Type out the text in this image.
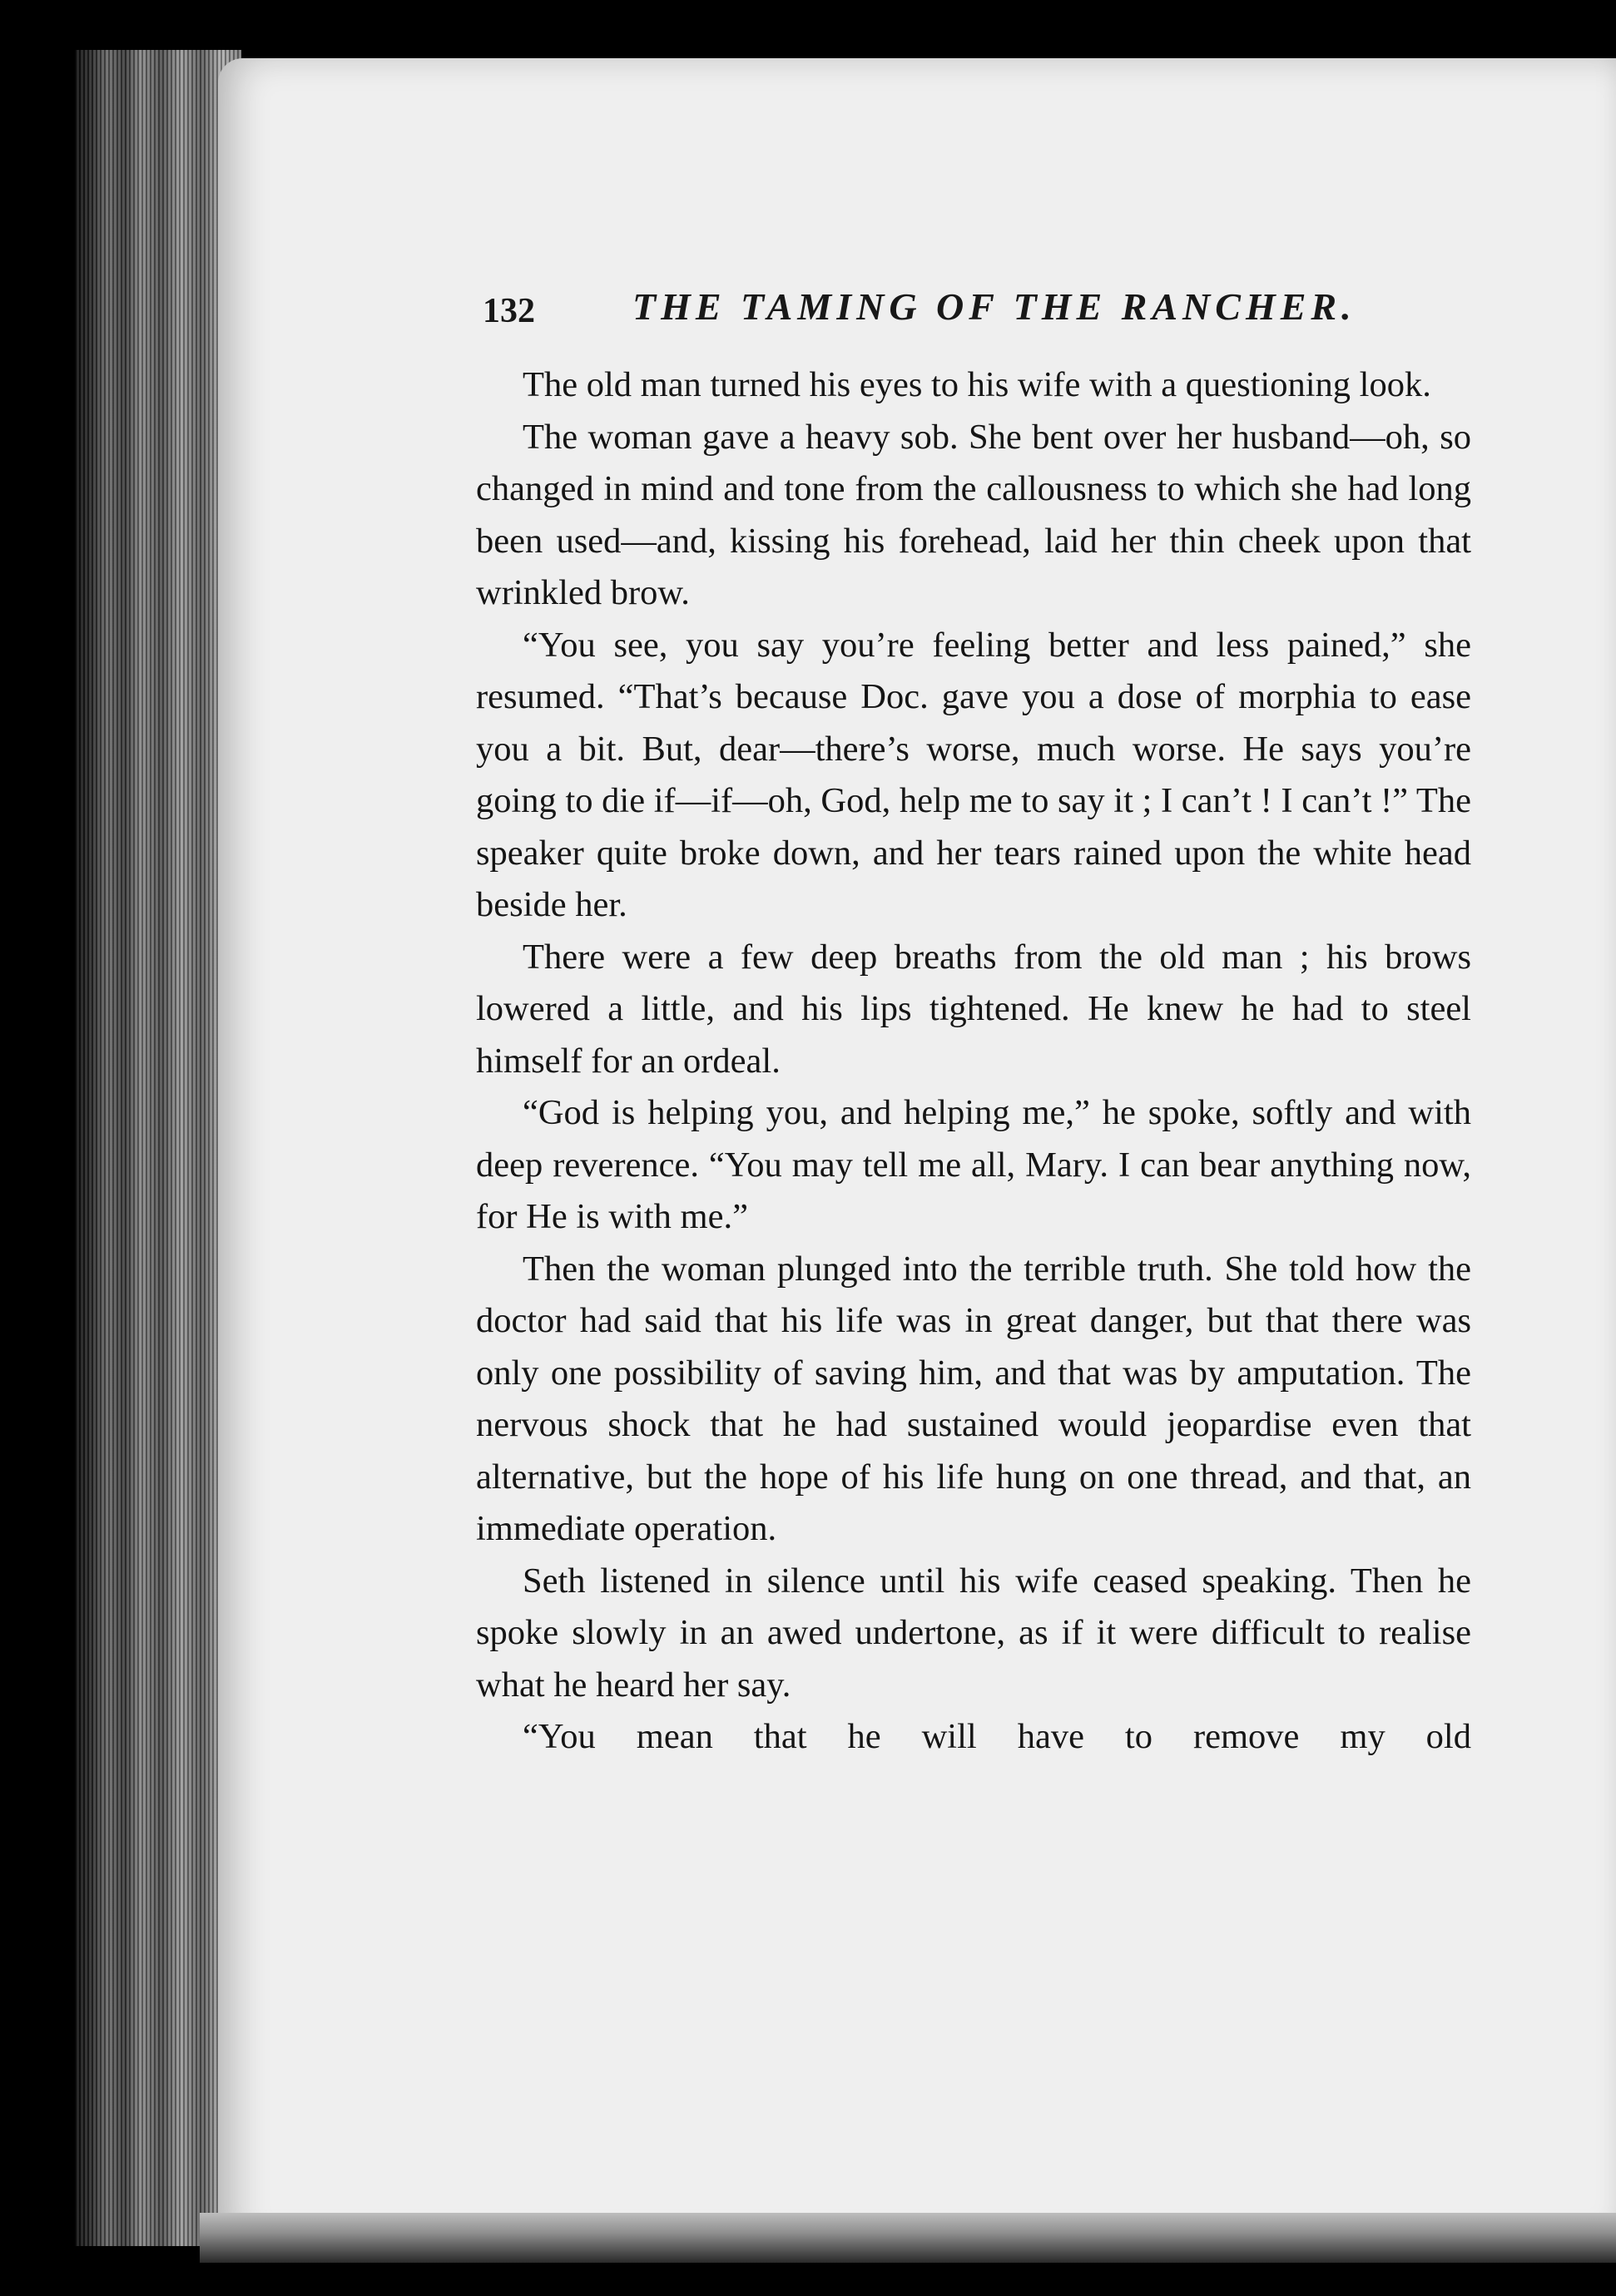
132	THE TAMING OF THE RANCHER.

The old man turned his eyes to his wife with a questioning look.

The woman gave a heavy sob. She bent over her husband—oh, so changed in mind and tone from the callousness to which she had long been used—and, kissing his forehead, laid her thin cheek upon that wrinkled brow.

“You see, you say you’re feeling better and less pained,” she resumed. “That’s because Doc. gave you a dose of morphia to ease you a bit. But, dear—there’s worse, much worse. He says you’re going to die if—if—oh, God, help me to say it ; I can’t ! I can’t !” The speaker quite broke down, and her tears rained upon the white head beside her.

There were a few deep breaths from the old man ; his brows lowered a little, and his lips tightened. He knew he had to steel himself for an ordeal.

“God is helping you, and helping me,” he spoke, softly and with deep reverence. “You may tell me all, Mary. I can bear anything now, for He is with me.”

Then the woman plunged into the terrible truth. She told how the doctor had said that his life was in great danger, but that there was only one possibility of saving him, and that was by amputation. The nervous shock that he had sustained would jeopardise even that alternative, but the hope of his life hung on one thread, and that, an immediate operation.

Seth listened in silence until his wife ceased speaking. Then he spoke slowly in an awed undertone, as if it were difficult to realise what he heard her say.

“You mean that he will have to remove my old
